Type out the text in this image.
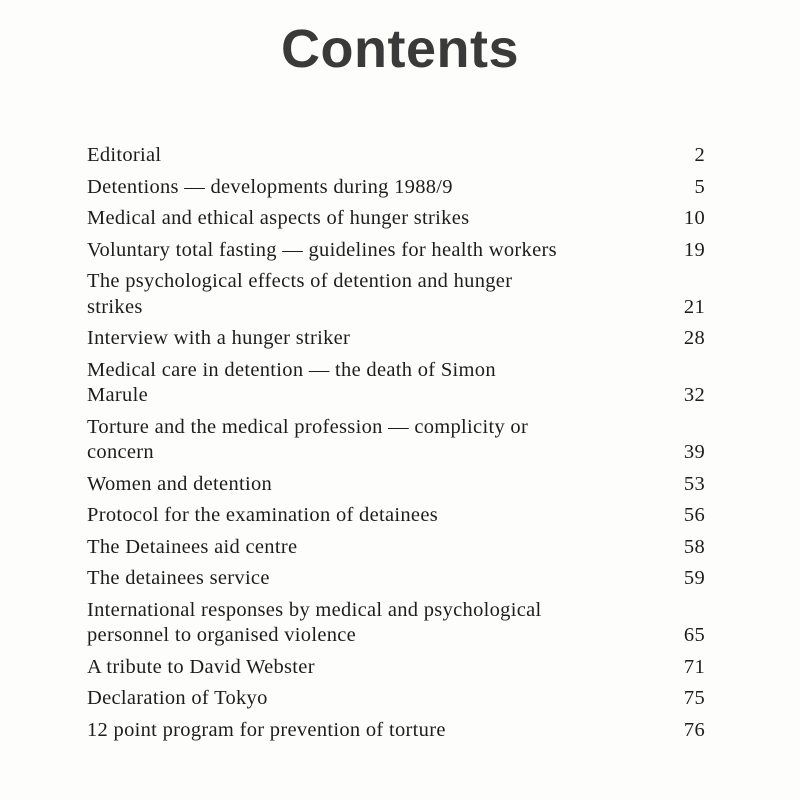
Contents
Editorial	2
Detentions — developments during 1988/9	5
Medical and ethical aspects of hunger strikes	10
Voluntary total fasting — guidelines for health workers	19
The psychological effects of detention and hunger strikes	21
Interview with a hunger striker	28
Medical care in detention — the death of Simon Marule	32
Torture and the medical profession — complicity or concern	39
Women and detention	53
Protocol for the examination of detainees	56
The Detainees aid centre	58
The detainees service	59
International responses by medical and psychological personnel to organised violence	65
A tribute to David Webster	71
Declaration of Tokyo	75
12 point program for prevention of torture	76
